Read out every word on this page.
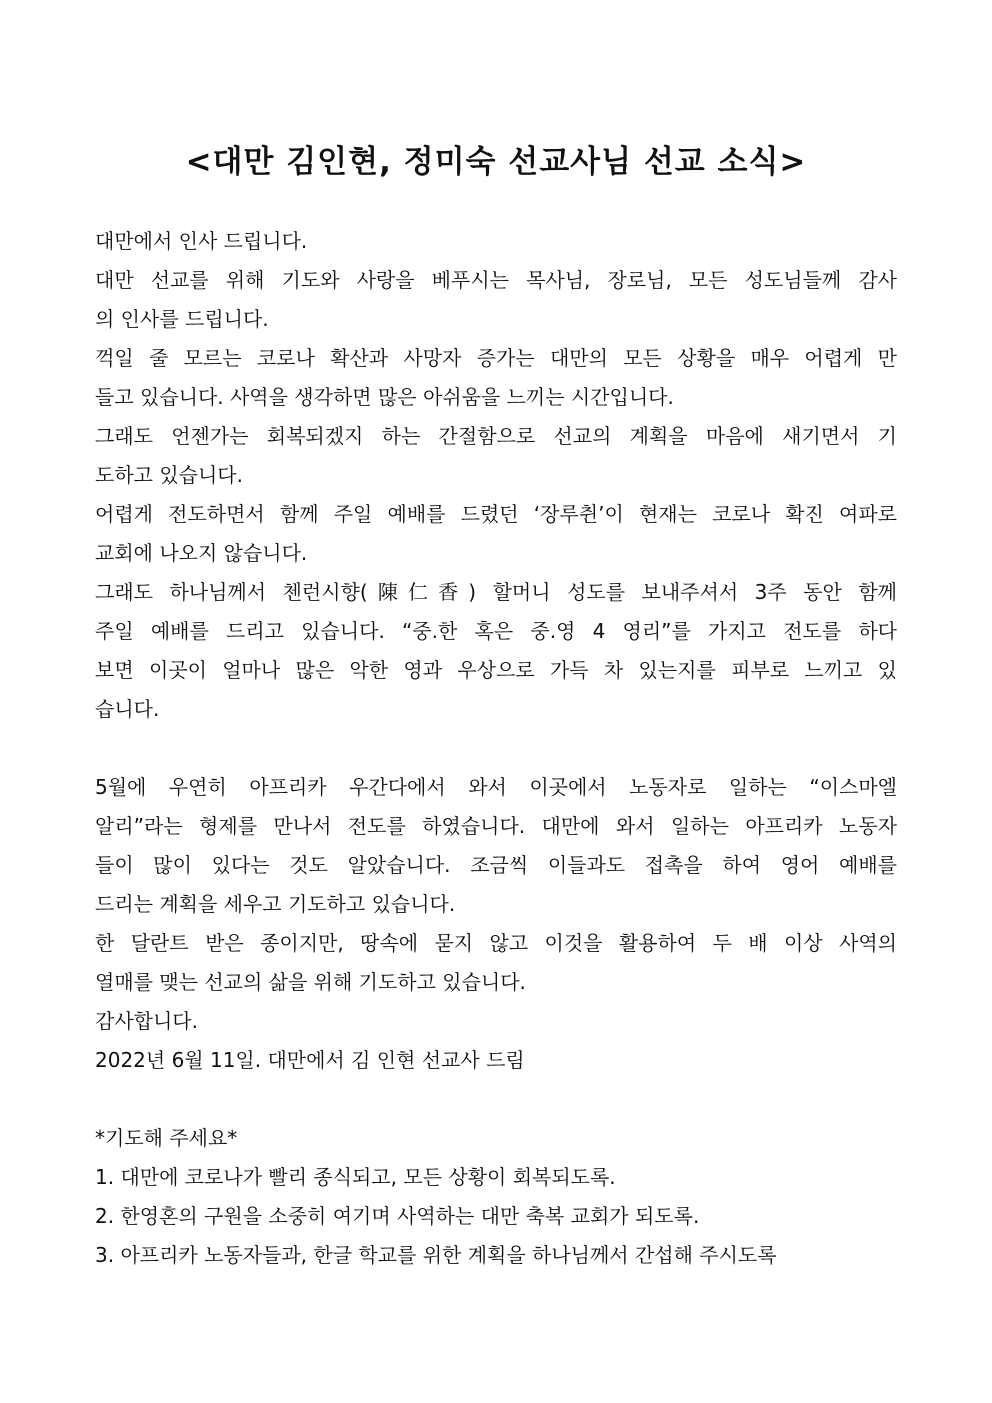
<대만 김인현, 정미숙 선교사님 선교 소식>
대만에서 인사 드립니다.
대만 선교를 위해 기도와 사랑을 베푸시는 목사님, 장로님, 모든 성도님들께 감사
의 인사를 드립니다.
꺽일 줄 모르는 코로나 확산과 사망자 증가는 대만의 모든 상황을 매우 어렵게 만
들고 있습니다. 사역을 생각하면 많은 아쉬움을 느끼는 시간입니다.
그래도 언젠가는 회복되겠지 하는 간절함으로 선교의 계획을 마음에 새기면서 기
도하고 있습니다.
어렵게 전도하면서 함께 주일 예배를 드렸던 ‘장루췬’이 현재는 코로나 확진 여파로
교회에 나오지 않습니다.
그래도 하나님께서 첸런시향(陳仁香) 할머니 성도를 보내주셔서 3주 동안 함께
주일 예배를 드리고 있습니다. “중.한 혹은 중.영 4 영리”를 가지고 전도를 하다
보면 이곳이 얼마나 많은 악한 영과 우상으로 가득 차 있는지를 피부로 느끼고 있
습니다.
5월에 우연히 아프리카 우간다에서 와서 이곳에서 노동자로 일하는 “이스마엘
알리”라는 형제를 만나서 전도를 하였습니다. 대만에 와서 일하는 아프리카 노동자
들이 많이 있다는 것도 알았습니다. 조금씩 이들과도 접촉을 하여 영어 예배를
드리는 계획을 세우고 기도하고 있습니다.
한 달란트 받은 종이지만, 땅속에 묻지 않고 이것을 활용하여 두 배 이상 사역의
열매를 맺는 선교의 삶을 위해 기도하고 있습니다.
감사합니다.
2022년 6월 11일. 대만에서 김 인현 선교사 드림
*기도해 주세요*
1. 대만에 코로나가 빨리 종식되고, 모든 상황이 회복되도록.
2. 한영혼의 구원을 소중히 여기며 사역하는 대만 축복 교회가 되도록.
3. 아프리카 노동자들과, 한글 학교를 위한 계획을 하나님께서 간섭해 주시도록
